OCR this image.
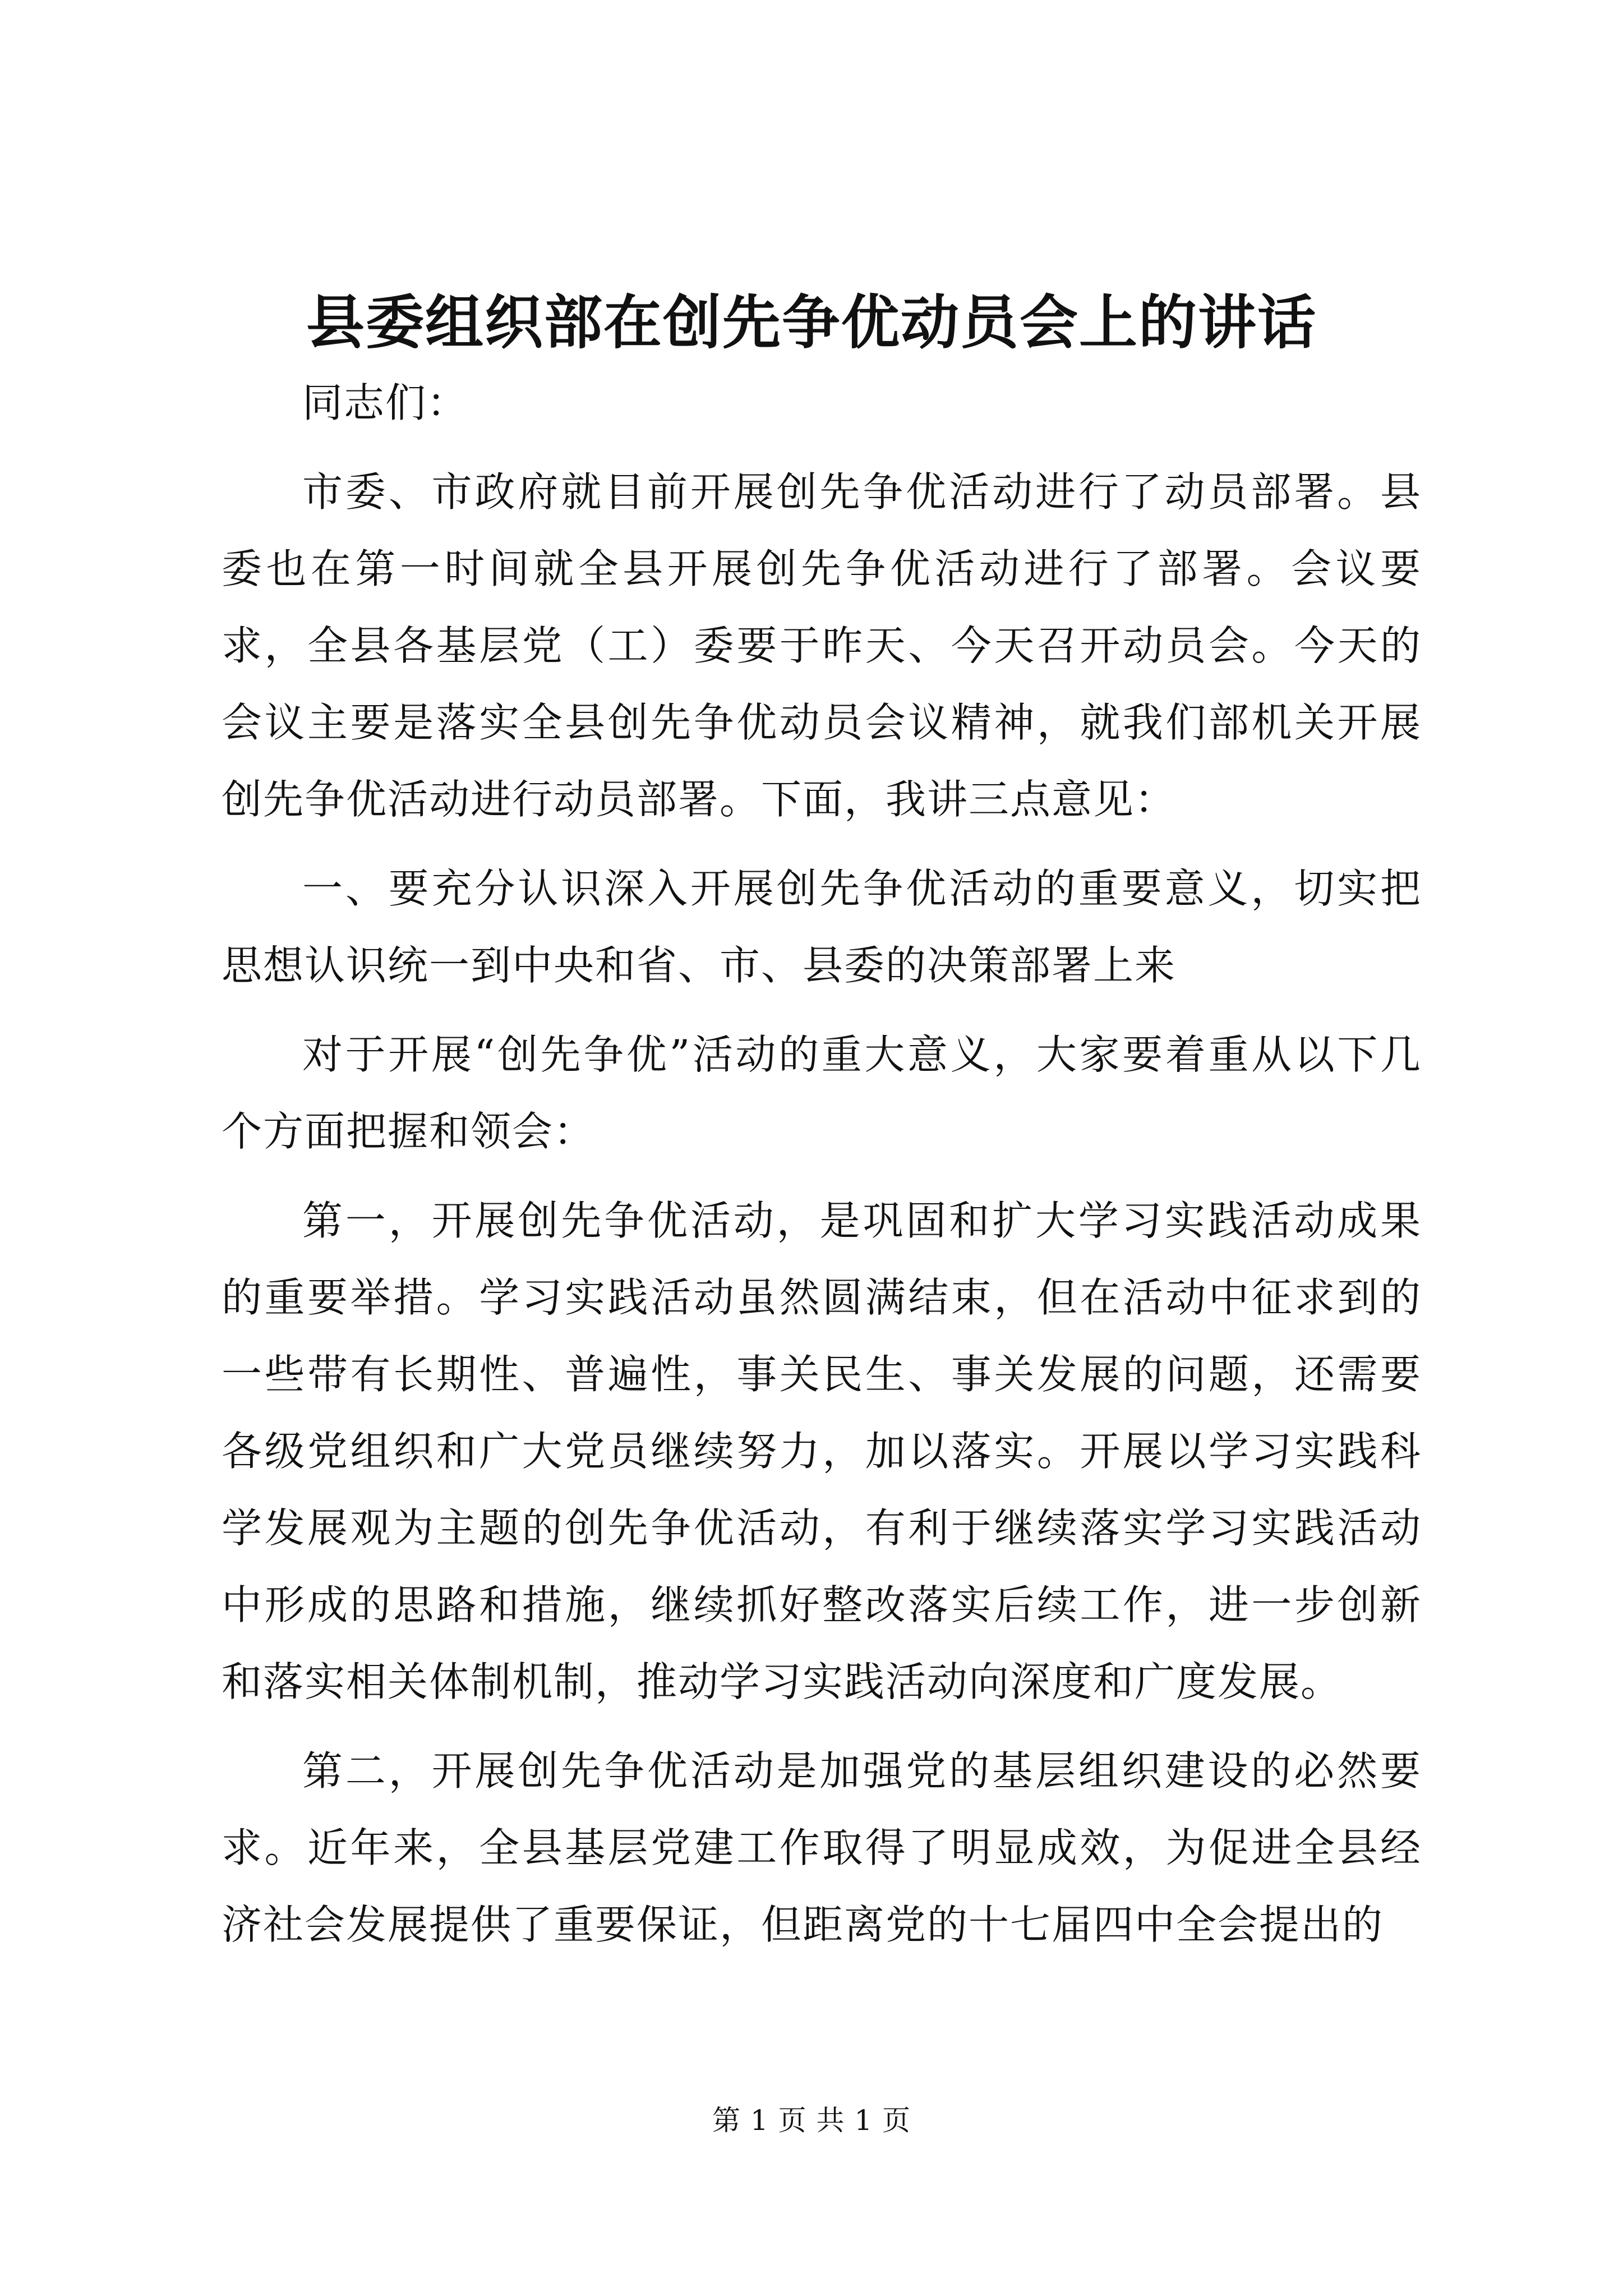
县委组织部在创先争优动员会上的讲话

同志们：

市委、市政府就目前开展创先争优活动进行了动员部署。县委也在第一时间就全县开展创先争优活动进行了部署。会议要求，全县各基层党（工）委要于昨天、今天召开动员会。今天的会议主要是落实全县创先争优动员会议精神，就我们部机关开展创先争优活动进行动员部署。下面，我讲三点意见：

一、要充分认识深入开展创先争优活动的重要意义，切实把思想认识统一到中央和省、市、县委的决策部署上来

对于开展“创先争优”活动的重大意义，大家要着重从以下几个方面把握和领会：

第一，开展创先争优活动，是巩固和扩大学习实践活动成果的重要举措。学习实践活动虽然圆满结束，但在活动中征求到的一些带有长期性、普遍性，事关民生、事关发展的问题，还需要各级党组织和广大党员继续努力，加以落实。开展以学习实践科学发展观为主题的创先争优活动，有利于继续落实学习实践活动中形成的思路和措施，继续抓好整改落实后续工作，进一步创新和落实相关体制机制，推动学习实践活动向深度和广度发展。

第二，开展创先争优活动是加强党的基层组织建设的必然要求。近年来，全县基层党建工作取得了明显成效，为促进全县经济社会发展提供了重要保证，但距离党的十七届四中全会提出的

第 1 页 共 1 页
